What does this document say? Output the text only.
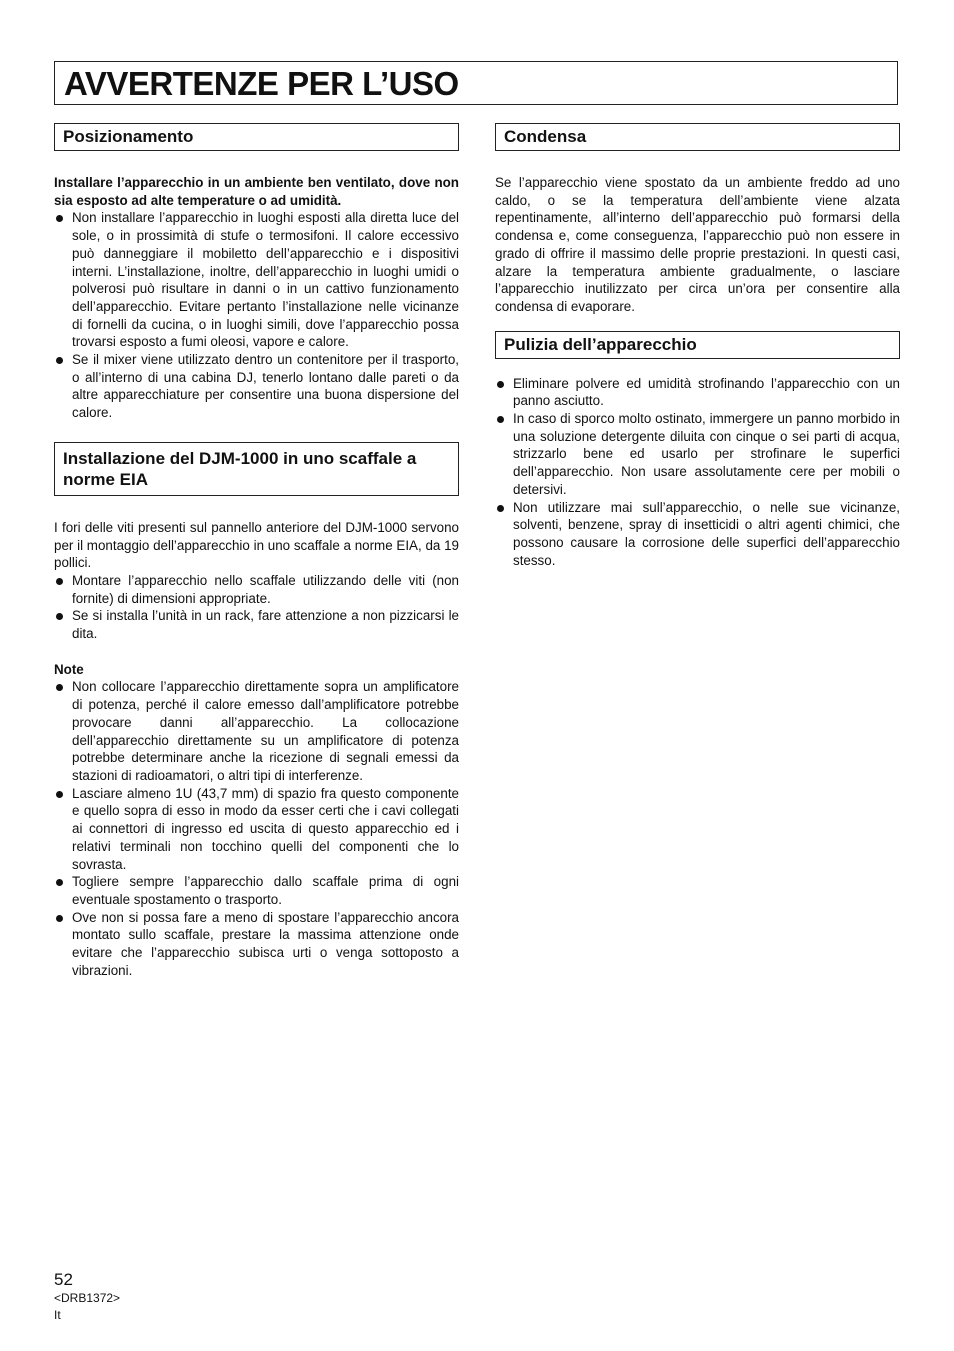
AVVERTENZE PER L’USO
Posizionamento

Installare l’apparecchio in un ambiente ben ventilato, dove non sia esposto ad alte temperature o ad umidità.

Non installare l’apparecchio in luoghi esposti alla diretta luce del sole, o in prossimità di stufe o termosifoni. Il calore eccessivo può danneggiare il mobiletto dell’apparecchio e i dispositivi interni. L’installazione, inoltre, dell’apparecchio in luoghi umidi o polverosi può risultare in danni o in un cattivo funzionamento dell’apparecchio. Evitare pertanto l’installazione nelle vicinanze di fornelli da cucina, o in luoghi simili, dove l’apparecchio possa trovarsi esposto a fumi oleosi, vapore e calore.
Se il mixer viene utilizzato dentro un contenitore per il trasporto, o all’interno di una cabina DJ, tenerlo lontano dalle pareti o da altre apparecchiature per consentire una buona dispersione del calore.
Installazione del DJM-1000 in uno scaffale a norme EIA

I fori delle viti presenti sul pannello anteriore del DJM-1000 servono per il montaggio dell’apparecchio in uno scaffale a norme EIA, da 19 pollici.

Montare l’apparecchio nello scaffale utilizzando delle viti (non fornite) di dimensioni appropriate.
Se si installa l’unità in un rack, fare attenzione a non pizzicarsi le dita.
Note
Non collocare l’apparecchio direttamente sopra un amplificatore di potenza, perché il calore emesso dall’amplificatore potrebbe provocare danni all’apparecchio. La collocazione dell’apparecchio direttamente su un amplificatore di potenza potrebbe determinare anche la ricezione di segnali emessi da stazioni di radioamatori, o altri tipi di interferenze.
Lasciare almeno 1U (43,7 mm) di spazio fra questo componente e quello sopra di esso in modo da esser certi che i cavi collegati ai connettori di ingresso ed uscita di questo apparecchio ed i relativi terminali non tocchino quelli del componenti che lo sovrasta.
Togliere sempre l’apparecchio dallo scaffale prima di ogni eventuale spostamento o trasporto.
Ove non si possa fare a meno di spostare l’apparecchio ancora montato sullo scaffale, prestare la massima attenzione onde evitare che l’apparecchio subisca urti o venga sottoposto a vibrazioni.
Condensa

Se l’apparecchio viene spostato da un ambiente freddo ad uno caldo, o se la temperatura dell’ambiente viene alzata repentinamente, all’interno dell’apparecchio può formarsi della condensa e, come conseguenza, l’apparecchio può non essere in grado di offrire il massimo delle proprie prestazioni. In questi casi, alzare la temperatura ambiente gradualmente, o lasciare l’apparecchio inutilizzato per circa un’ora per consentire alla condensa di evaporare.

Pulizia dell’apparecchio
Eliminare polvere ed umidità strofinando l’apparecchio con un panno asciutto.
In caso di sporco molto ostinato, immergere un panno morbido in una soluzione detergente diluita con cinque o sei parti di acqua, strizzarlo bene ed usarlo per strofinare le superfici dell’apparecchio. Non usare assolutamente cere per mobili o detersivi.
Non utilizzare mai sull’apparecchio, o nelle sue vicinanze, solventi, benzene, spray di insetticidi o altri agenti chimici, che possono causare la corrosione delle superfici dell’apparecchio stesso.
52
<DRB1372>
It
